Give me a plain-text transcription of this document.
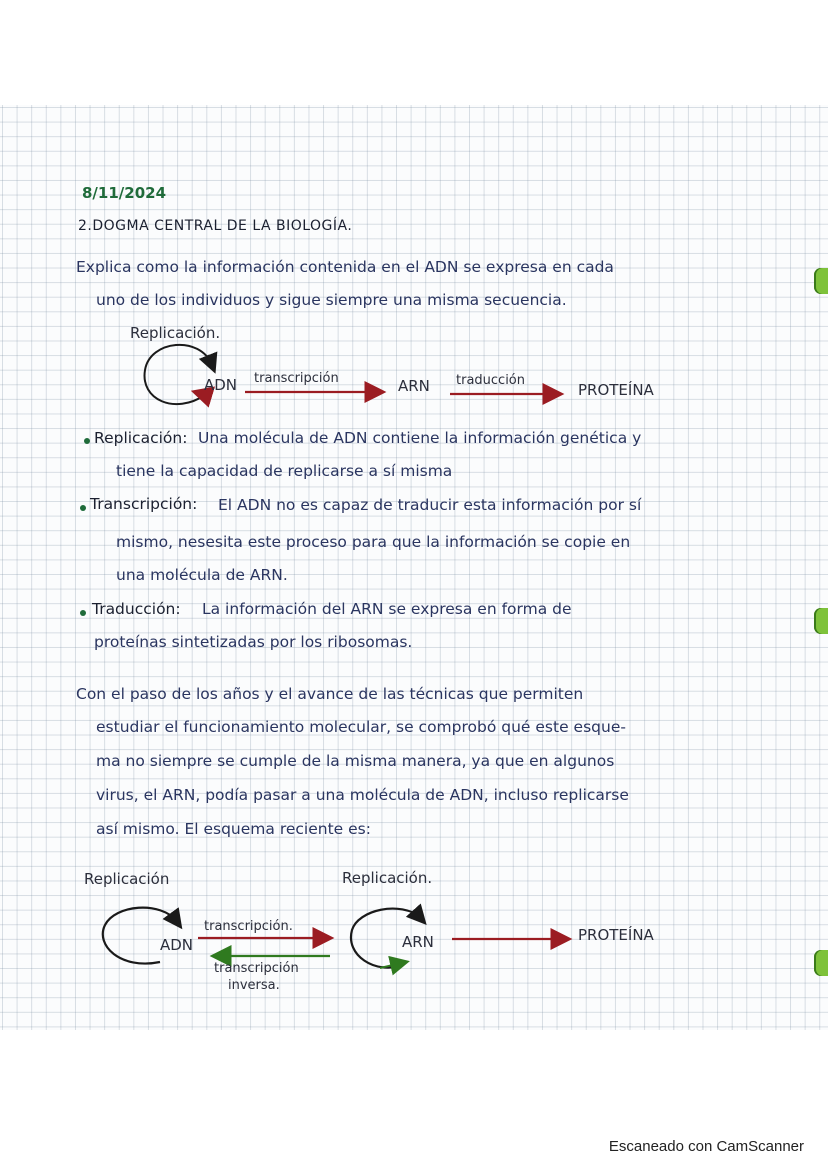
8/11/2024
2.DOGMA CENTRAL DE LA BIOLOGÍA.
Explica como la información contenida en el ADN se expresa en cada
uno de los individuos y sigue siempre una misma secuencia.
Replicación.
ADN transcripción	ARN traducción
PROTEÍNA
Replicación: Una molécula de ADN contiene la información genética y
tiene la capacidad de replicarse a sí misma
Transcripción: El ADN no es capaz de traducir esta información por sí
mismo, nesesita este proceso para que la información se copie en
una molécula de ARN.
Traducción: La información del ARN se expresa en forma de
proteínas sintetizadas por los ribosomas.
Con el paso de los años y el avance de las técnicas que permiten
estudiar el funcionamiento molecular, se comprobó qué este esque-
ma no siempre se cumple de la misma manera, ya que en algunos
virus, el ARN, podía pasar a una molécula de ADN, incluso replicarse
así mismo. El esquema reciente es:
Replicación	Replicación.
ADN	ARN
transcripción.
transcripción
inversa.
PROTEÍNA
Escaneado con CamScanner
